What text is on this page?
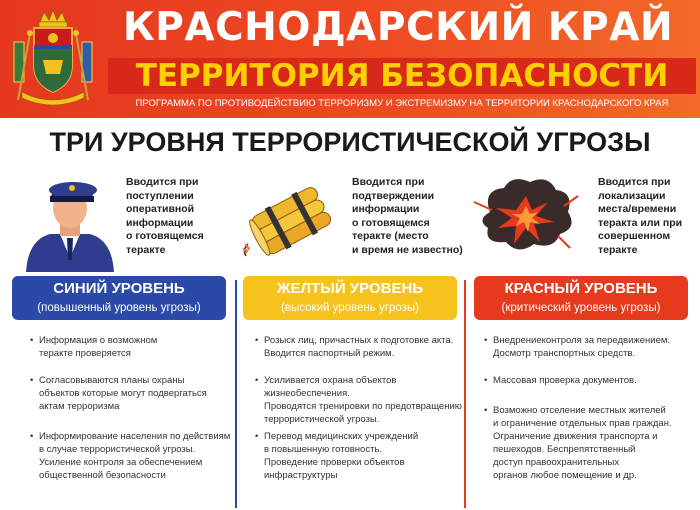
КРАСНОДАРСКИЙ КРАЙ
ТЕРРИТОРИЯ БЕЗОПАСНОСТИ
ПРОГРАММА ПО ПРОТИВОДЕЙСТВИЮ ТЕРРОРИЗМУ И ЭКСТРЕМИЗМУ НА ТЕРРИТОРИИ КРАСНОДАРСКОГО КРАЯ
ТРИ УРОВНЯ ТЕРРОРИСТИЧЕСКОЙ УГРОЗЫ
Вводится при
поступлении
оперативной
информации
о готовящемся
теракте
Вводится при
подтверждении
информации
о готовящемся
теракте (место
и время не известно)
Вводится при
локализации
места/времени
теракта или при
совершенном
теракте
СИНИЙ УРОВЕНЬ
(повышенный уровень угрозы)
ЖЕЛТЫЙ УРОВЕНЬ
(высокий уровень угрозы)
КРАСНЫЙ УРОВЕНЬ
(критический уровень угрозы)
• Информация о возможном
теракте проверяется
• Согласовываются планы охраны
объектов которые могут подвергаться
актам терроризма
• Информирование населения по действиям
в случае террористической угрозы.
Усиление контроля за обеспечением
общественной безопасности
• Розыск лиц, причастных к подготовке акта.
Вводится паспортный режим.
• Усиливается охрана объектов жизнеобеспечения.
Проводятся тренировки по предотвращению
террористической угрозы.
• Перевод медицинских учреждений
в повышенную готовность.
Проведение проверки объектов
инфраструктуры
• Внедрениеконтроля за передвижением.
Досмотр транспортных средств.
• Массовая проверка документов.
• Возможно отселение местных жителей
и ограничение отдельных прав граждан.
Ограничение движения транспорта и
пешеходов. Беспрепятственный
доступ правоохранительных
органов любое помещение и др.
